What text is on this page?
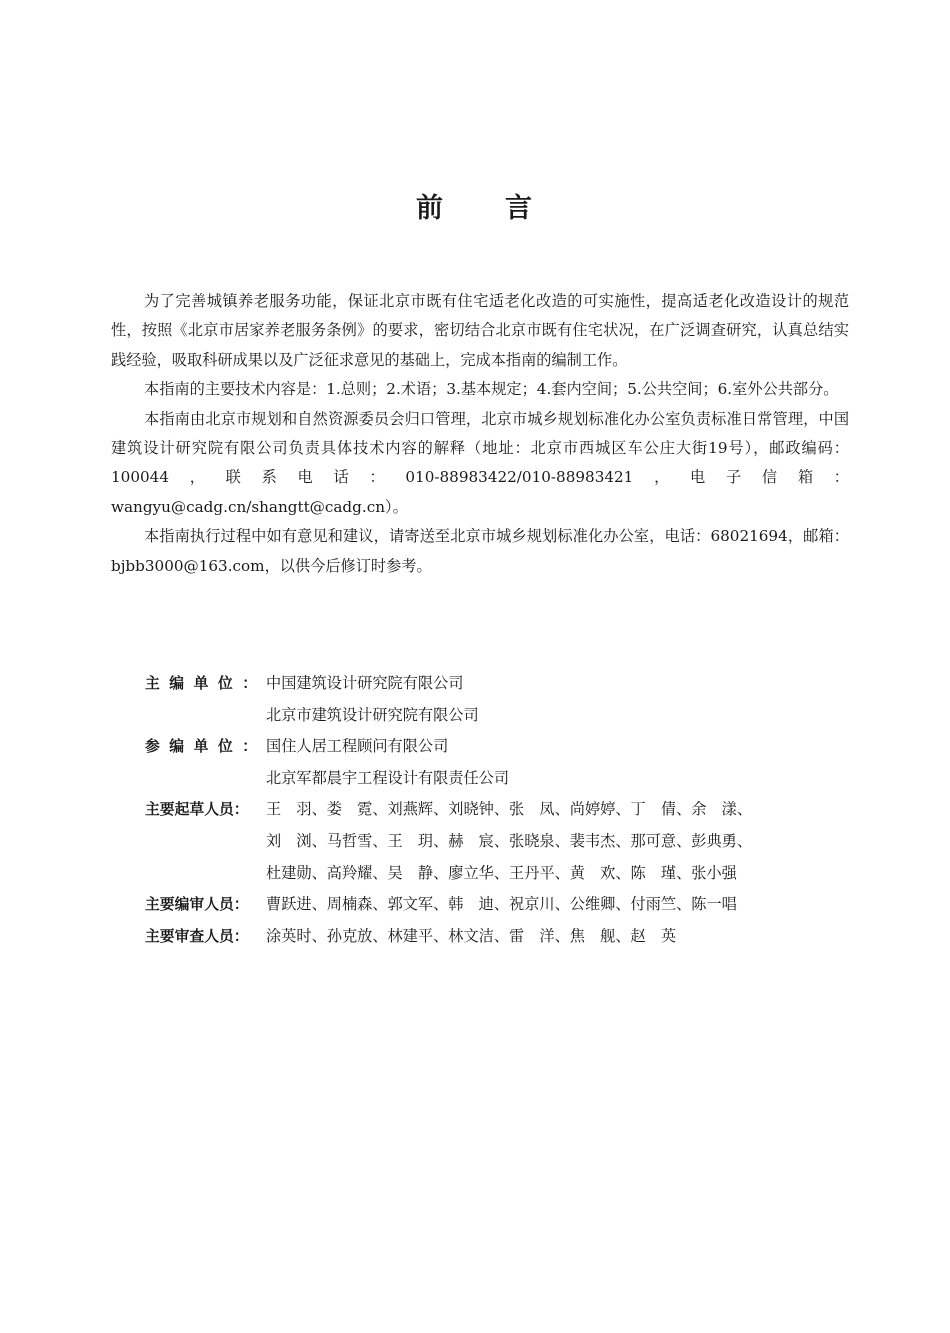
前 言

为了完善城镇养老服务功能，保证北京市既有住宅适老化改造的可实施性，提高适老化改造设计的规范性，按照《北京市居家养老服务条例》的要求，密切结合北京市既有住宅状况，在广泛调查研究，认真总结实践经验，吸取科研成果以及广泛征求意见的基础上，完成本指南的编制工作。

本指南的主要技术内容是：1.总则；2.术语；3.基本规定；4.套内空间；5.公共空间；6.室外公共部分。

本指南由北京市规划和自然资源委员会归口管理，北京市城乡规划标准化办公室负责标准日常管理，中国建筑设计研究院有限公司负责具体技术内容的解释（地址：北京市西城区车公庄大街19号），邮政编码：100044，联系电话：010-88983422/010-88983421，电子信箱：wangyu@cadg.cn/shangtt@cadg.cn）。

本指南执行过程中如有意见和建议，请寄送至北京市城乡规划标准化办公室，电话：68021694，邮箱：bjbb3000@163.com，以供今后修订时参考。

主编单位： 中国建筑设计研究院有限公司
北京市建筑设计研究院有限公司
参编单位： 国住人居工程顾问有限公司
北京军都晨宇工程设计有限责任公司
主要起草人员：	王　羽、娄　霓、刘燕辉、刘晓钟、张　凤、尚婷婷、丁　倩、余　漾、
刘　浏、马哲雪、王　玥、赫　宸、张晓泉、裴韦杰、那可意、彭典勇、
杜建勋、高羚耀、吴　静、廖立华、王丹平、黄　欢、陈　瑾、张小强
主要编审人员：	曹跃进、周楠森、郭文军、韩　迪、祝京川、公维卿、付雨竺、陈一唱
主要审查人员：	涂英时、孙克放、林建平、林文洁、雷　洋、焦　舰、赵　英
